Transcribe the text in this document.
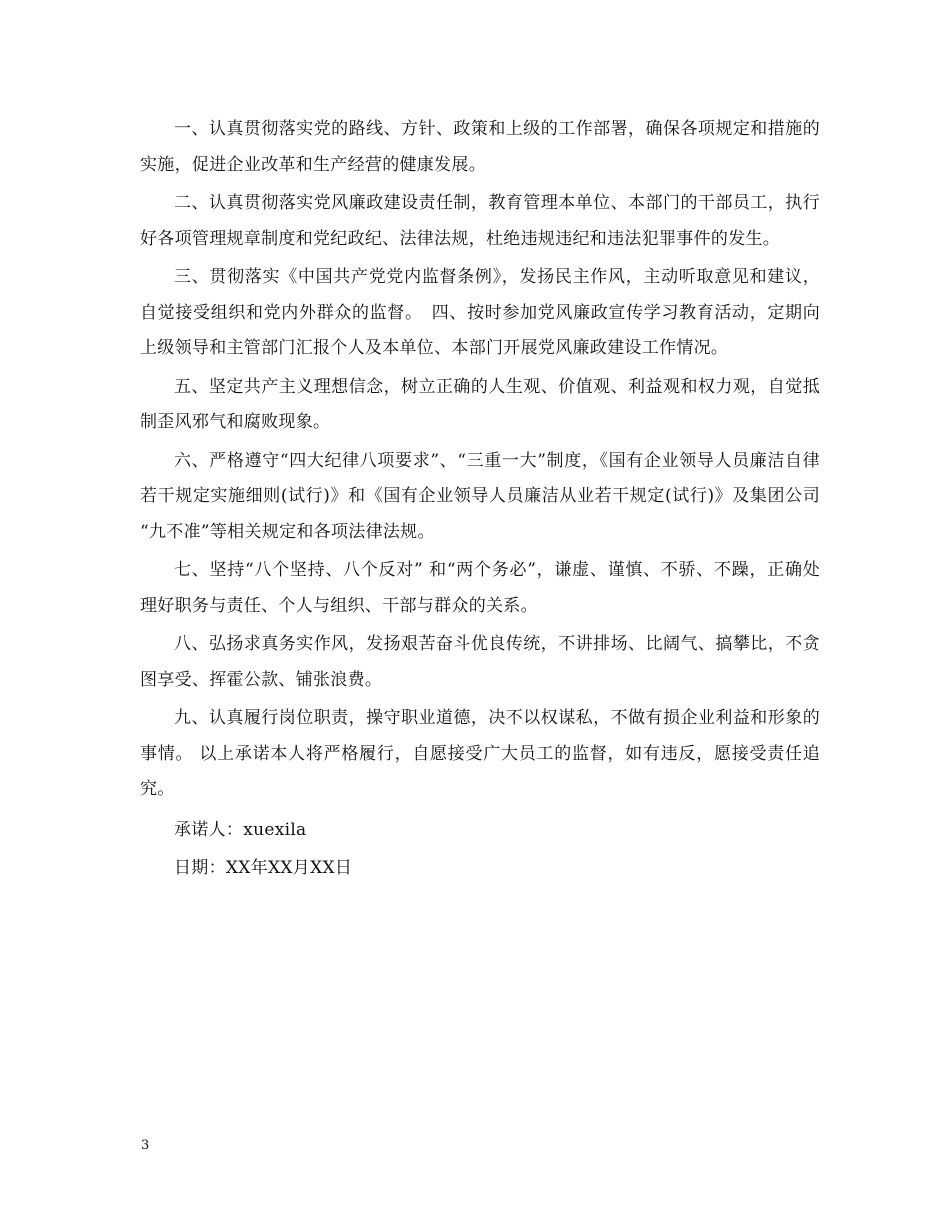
一、认真贯彻落实党的路线、方针、政策和上级的工作部署，确保各项规定和措施的实施，促进企业改革和生产经营的健康发展。

二、认真贯彻落实党风廉政建设责任制，教育管理本单位、本部门的干部员工，执行好各项管理规章制度和党纪政纪、法律法规，杜绝违规违纪和违法犯罪事件的发生。

三、贯彻落实《中国共产党党内监督条例》，发扬民主作风，主动听取意见和建议，自觉接受组织和党内外群众的监督。　四、按时参加党风廉政宣传学习教育活动，定期向上级领导和主管部门汇报个人及本单位、本部门开展党风廉政建设工作情况。

五、坚定共产主义理想信念，树立正确的人生观、价值观、利益观和权力观，自觉抵制歪风邪气和腐败现象。

六、严格遵守“四大纪律八项要求”、“三重一大”制度，《国有企业领导人员廉洁自律若干规定实施细则(试行)》和《国有企业领导人员廉洁从业若干规定(试行)》及集团公司 “九不准”等相关规定和各项法律法规。

七、坚持“八个坚持、八个反对” 和“两个务必”，谦虚、谨慎、不骄、不躁，正确处理好职务与责任、个人与组织、干部与群众的关系。

八、弘扬求真务实作风，发扬艰苦奋斗优良传统，不讲排场、比阔气、搞攀比，不贪图享受、挥霍公款、铺张浪费。

九、认真履行岗位职责，操守职业道德，决不以权谋私，不做有损企业利益和形象的事情。 以上承诺本人将严格履行，自愿接受广大员工的监督，如有违反，愿接受责任追究。

承诺人：xuexila

日期：XX年XX月XX日

3
